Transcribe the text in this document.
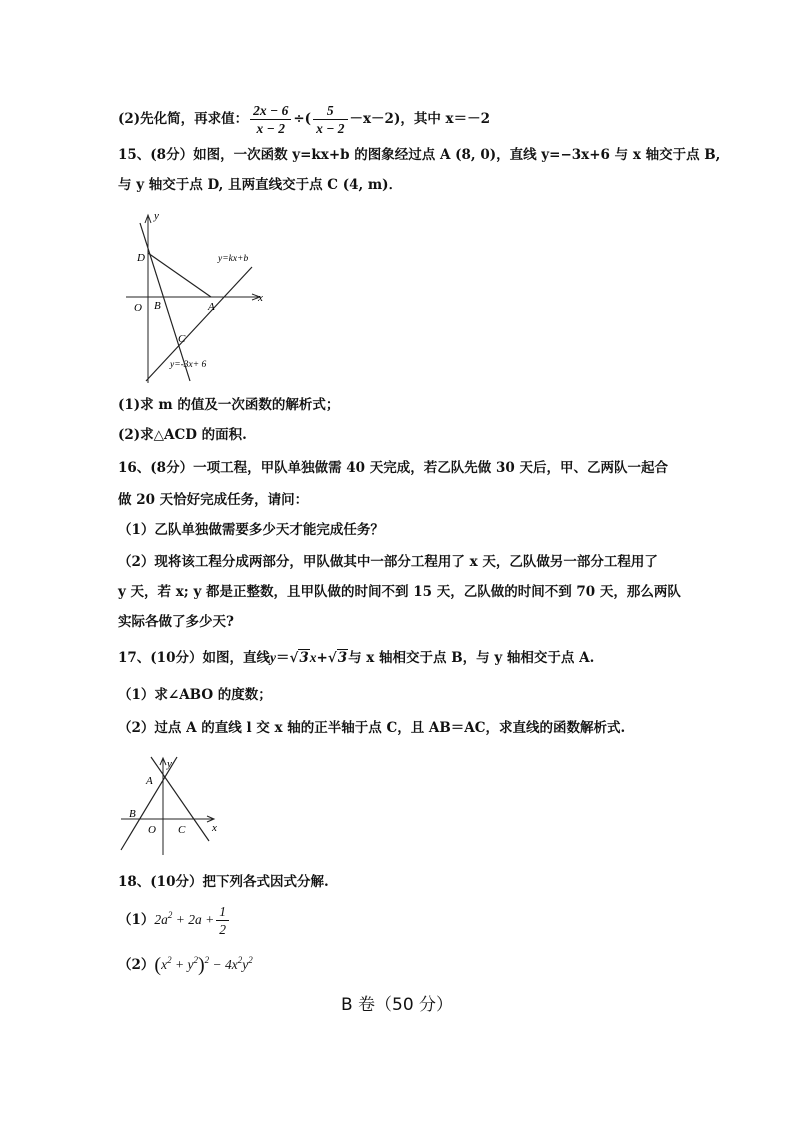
(2)先化简，再求值： $\frac{2x - 6}{x - 2}$ ÷( $\frac{5}{x - 2} -x-2$)，其中 x＝－2
15、(8分）如图，一次函数 y=kx+b 的图象经过点 A (8, 0)，直线 y=−3x+6 与 x 轴交于点 B,
与 y 轴交于点 D, 且两直线交于点 C (4, m)．
y
x
D
O B	A
C
y=kx+b
y=-3x+ 6
(1)求 m 的值及一次函数的解析式；
(2)求△ACD 的面积.
16、(8分）一项工程，甲队单独做需 40 天完成，若乙队先做 30 天后，甲、乙两队一起合
做 20 天恰好完成任务，请问：
（1）乙队单独做需要多少天才能完成任务？
（2）现将该工程分成两部分，甲队做其中一部分工程用了 x 天，乙队做另一部分工程用了
y 天，若 x; y 都是正整数，且甲队做的时间不到 15 天，乙队做的时间不到 70 天，那么两队
实际各做了多少天?
17、(10分）如图，直线y＝√3x+√3与 x 轴相交于点 B，与 y 轴相交于点 A.
（1）求∠ABO 的度数；
（2）过点 A 的直线 l 交 x 轴的正半轴于点 C，且 AB＝AC，求直线的函数解析式.
y
x
A
B
O C
18、(10分）把下列各式因式分解.
$(1)2a^2 + 2a + \frac{1}{2}$
$(2)(x^2 + y^2)^2 - 4x^2y^2$
B 卷（50 分）
